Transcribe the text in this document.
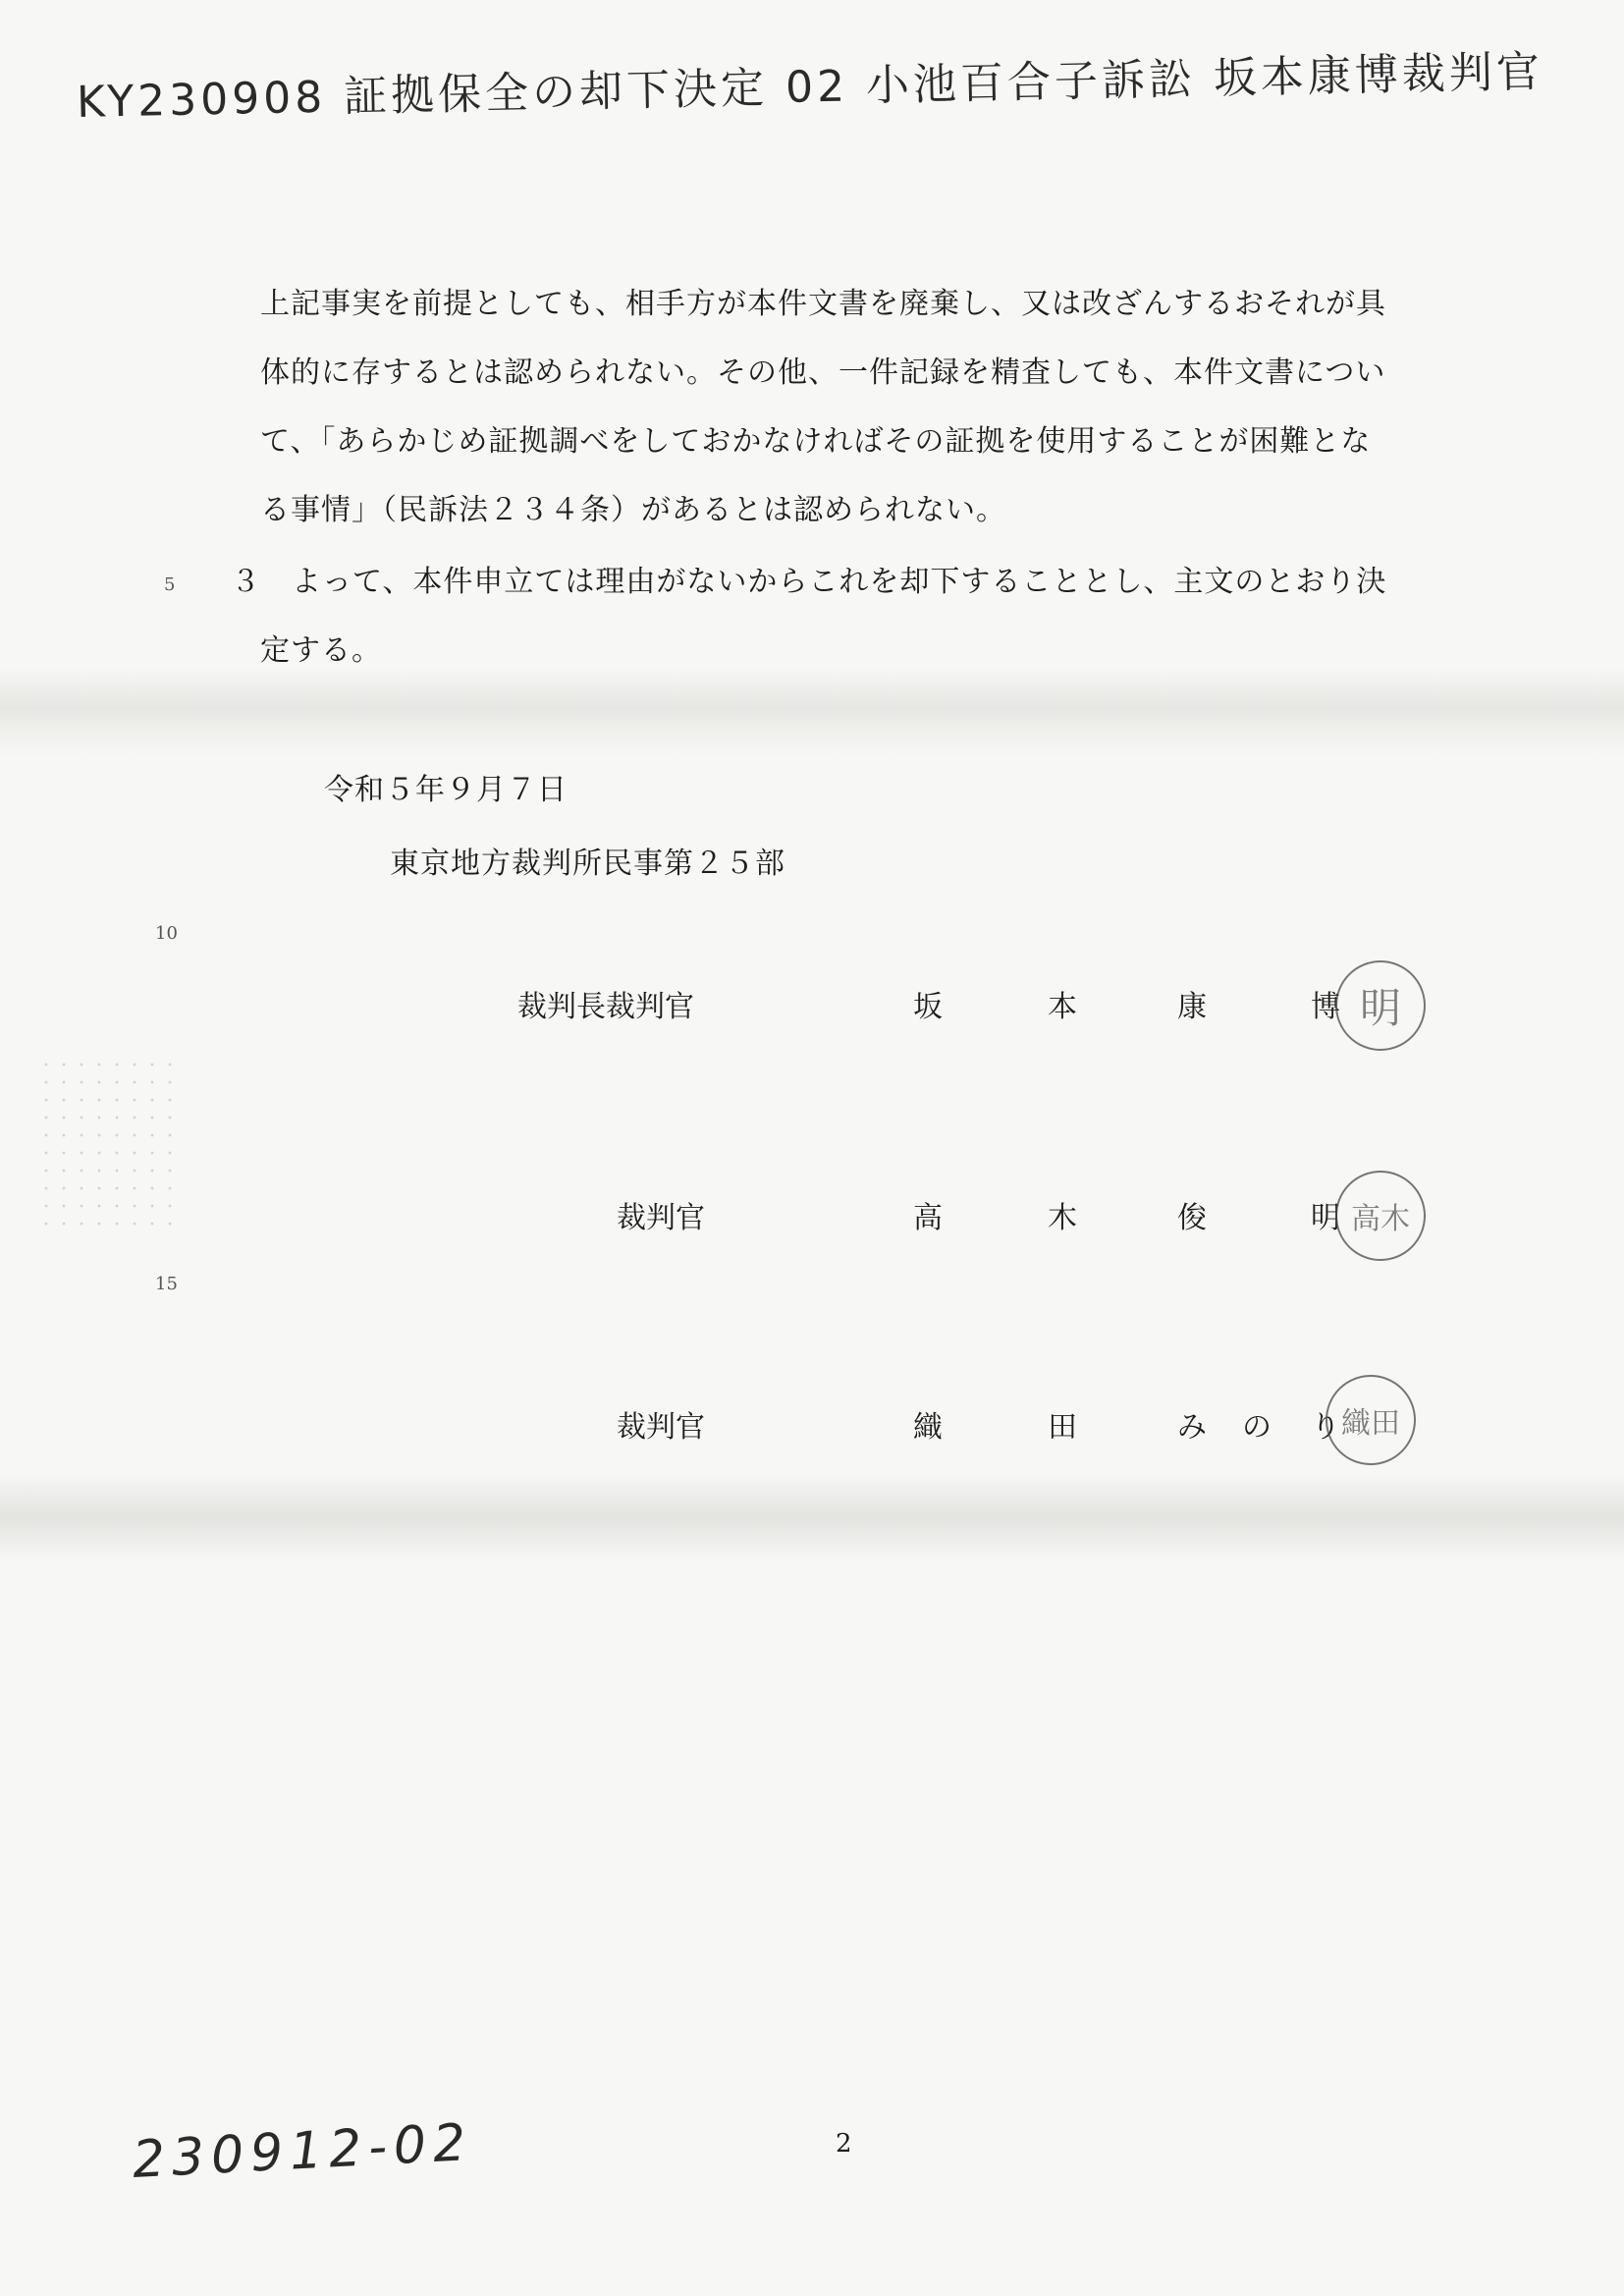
KY230908 証拠保全の却下決定 02 小池百合子訴訟 坂本康博裁判官
上記事実を前提としても、相手方が本件文書を廃棄し、又は改ざんするおそれが具
体的に存するとは認められない。その他、一件記録を精査しても、本件文書につい
て、「あらかじめ証拠調べをしておかなければその証拠を使用することが困難とな
る事情」（民訴法２３４条）があるとは認められない。
３　よって、本件申立ては理由がないからこれを却下することとし、主文のとおり決
定する。
5
10
15
令和５年９月７日
東京地方裁判所民事第２５部
裁判長裁判官	坂	本	康	博 明
裁判官	高	木	俊	明 高木
裁判官	織	田	み の り 織田
2
230912-02
